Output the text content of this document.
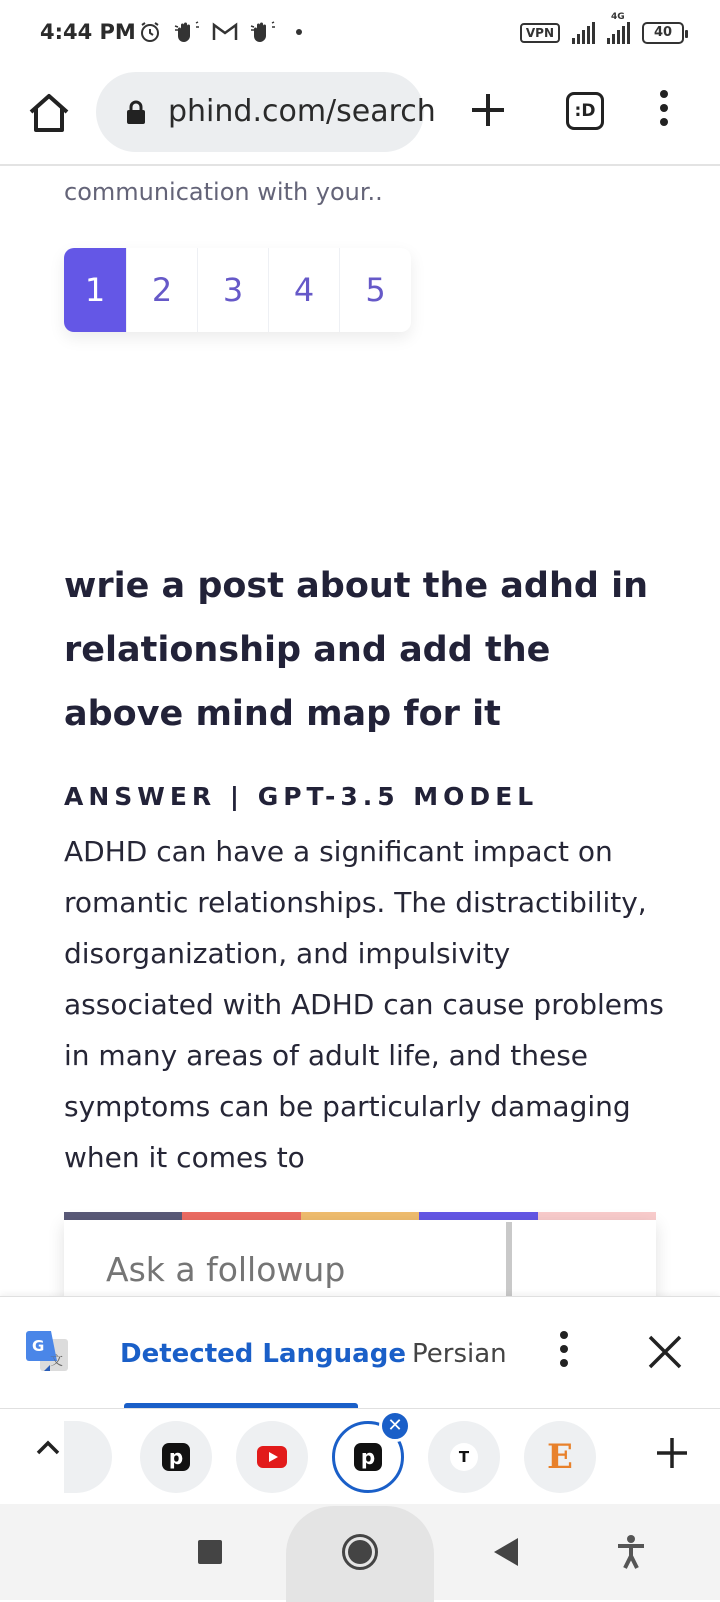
4:44 PM	VPN
4G
40
phind.com/search	:D
communication with your..
1	2	3	4	5
wrie a post about the adhd in relationship and add the above mind map for it
ANSWER | GPT-3.5 MODEL
ADHD can have a significant impact on romantic relationships. The distractibility, disorganization, and impulsivity associated with ADHD can cause problems in many areas of adult life, and these symptoms can be particularly damaging when it comes to
Ask a followup
G
文 Detected Language Persian
p	p
✕
T E
